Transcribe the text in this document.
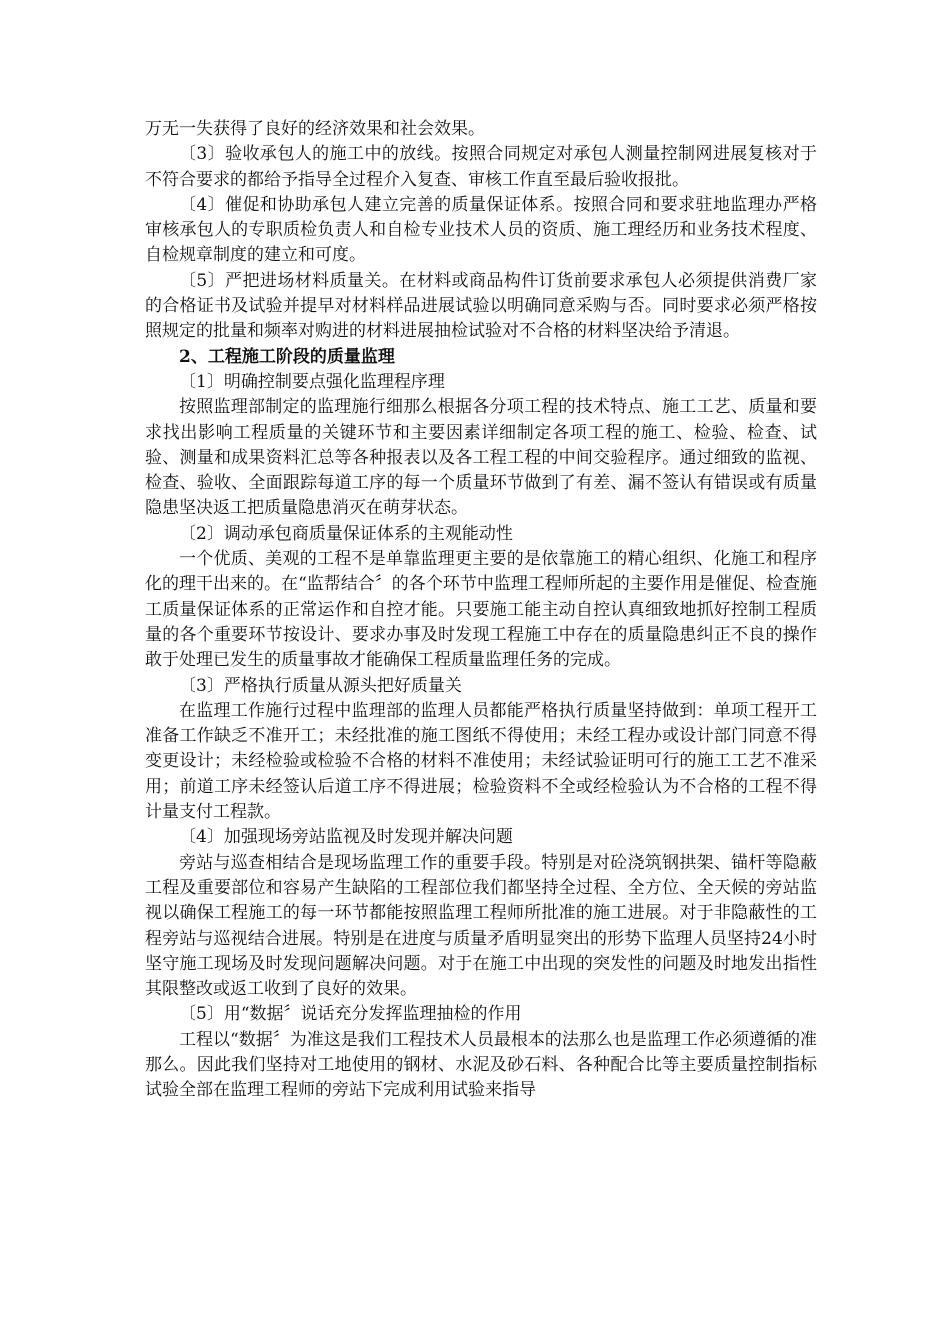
万无一失获得了良好的经济效果和社会效果。

〔3〕验收承包人的施工中的放线。按照合同规定对承包人测量控制网进展复核对于不符合要求的都给予指导全过程介入复查、审核工作直至最后验收报批。

〔4〕催促和协助承包人建立完善的质量保证体系。按照合同和要求驻地监理办严格审核承包人的专职质检负责人和自检专业技术人员的资质、施工理经历和业务技术程度、自检规章制度的建立和可度。

〔5〕严把进场材料质量关。在材料或商品构件订货前要求承包人必须提供消费厂家的合格证书及试验并提早对材料样品进展试验以明确同意采购与否。同时要求必须严格按照规定的批量和频率对购进的材料进展抽检试验对不合格的材料坚决给予清退。

2、工程施工阶段的质量监理

〔1〕明确控制要点强化监理程序理

按照监理部制定的监理施行细那么根据各分项工程的技术特点、施工工艺、质量和要求找出影响工程质量的关键环节和主要因素详细制定各项工程的施工、检验、检查、试验、测量和成果资料汇总等各种报表以及各工程工程的中间交验程序。通过细致的监视、检查、验收、全面跟踪每道工序的每一个质量环节做到了有差、漏不签认有错误或有质量隐患坚决返工把质量隐患消灭在萌芽状态。

〔2〕调动承包商质量保证体系的主观能动性

一个优质、美观的工程不是单靠监理更主要的是依靠施工的精心组织、化施工和程序化的理干出来的。在“监帮结合〞的各个环节中监理工程师所起的主要作用是催促、检查施工质量保证体系的正常运作和自控才能。只要施工能主动自控认真细致地抓好控制工程质量的各个重要环节按设计、要求办事及时发现工程施工中存在的质量隐患纠正不良的操作敢于处理已发生的质量事故才能确保工程质量监理任务的完成。

〔3〕严格执行质量从源头把好质量关

在监理工作施行过程中监理部的监理人员都能严格执行质量坚持做到：单项工程开工准备工作缺乏不准开工；未经批准的施工图纸不得使用；未经工程办或设计部门同意不得变更设计；未经检验或检验不合格的材料不准使用；未经试验证明可行的施工工艺不准采用；前道工序未经签认后道工序不得进展；检验资料不全或经检验认为不合格的工程不得计量支付工程款。

〔4〕加强现场旁站监视及时发现并解决问题

旁站与巡查相结合是现场监理工作的重要手段。特别是对砼浇筑钢拱架、锚杆等隐蔽工程及重要部位和容易产生缺陷的工程部位我们都坚持全过程、全方位、全天候的旁站监视以确保工程施工的每一环节都能按照监理工程师所批准的施工进展。对于非隐蔽性的工程旁站与巡视结合进展。特别是在进度与质量矛盾明显突出的形势下监理人员坚持24小时坚守施工现场及时发现问题解决问题。对于在施工中出现的突发性的问题及时地发出指性其限整改或返工收到了良好的效果。

〔5〕用“数据〞说话充分发挥监理抽检的作用

工程以“数据〞为准这是我们工程技术人员最根本的法那么也是监理工作必须遵循的准那么。因此我们坚持对工地使用的钢材、水泥及砂石料、各种配合比等主要质量控制指标试验全部在监理工程师的旁站下完成利用试验来指导
